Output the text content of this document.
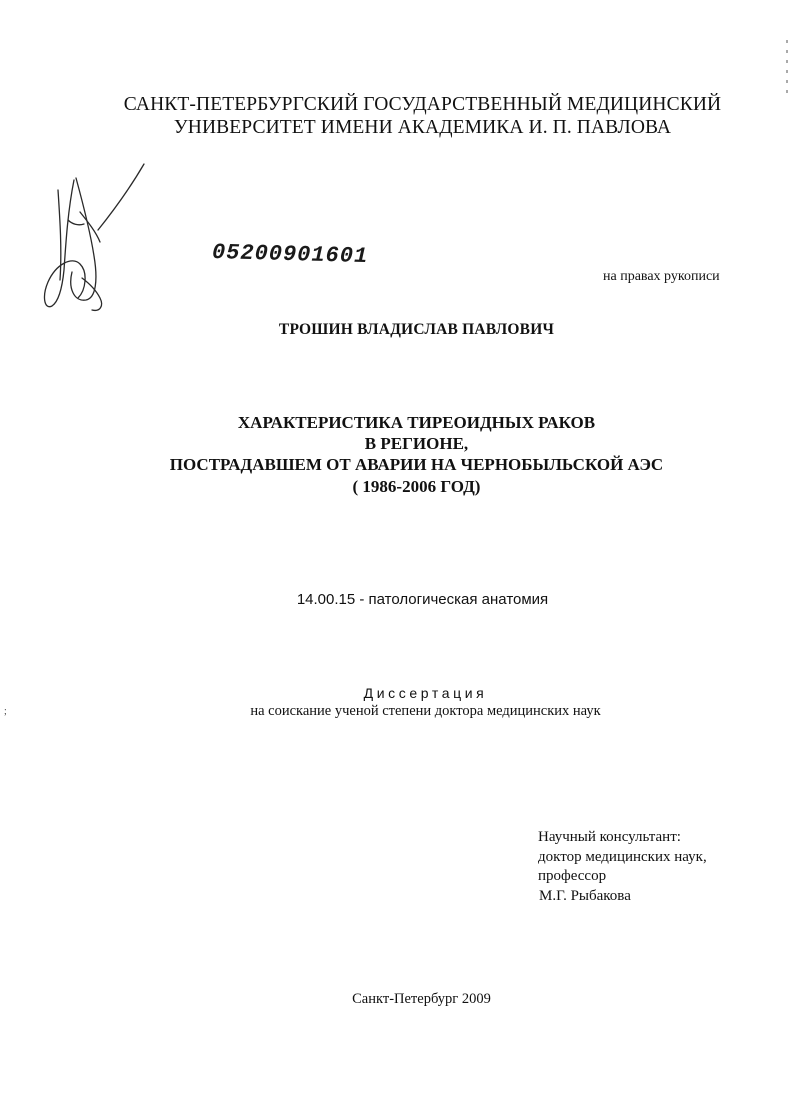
САНКТ-ПЕТЕРБУРГСКИЙ ГОСУДАРСТВЕННЫЙ МЕДИЦИНСКИЙ
УНИВЕРСИТЕТ ИМЕНИ АКАДЕМИКА И. П. ПАВЛОВА
05200901601
на правах рукописи
ТРОШИН ВЛАДИСЛАВ ПАВЛОВИЧ
ХАРАКТЕРИСТИКА ТИРЕОИДНЫХ РАКОВ
В РЕГИОНЕ,
ПОСТРАДАВШЕМ ОТ АВАРИИ НА ЧЕРНОБЫЛЬСКОЙ АЭС
( 1986-2006 ГОД)
14.00.15 - патологическая анатомия
Диссертация
на соискание ученой степени доктора медицинских наук
;
Научный консультант:
доктор медицинских наук,
профессор
М.Г. Рыбакова
Санкт-Петербург 2009
